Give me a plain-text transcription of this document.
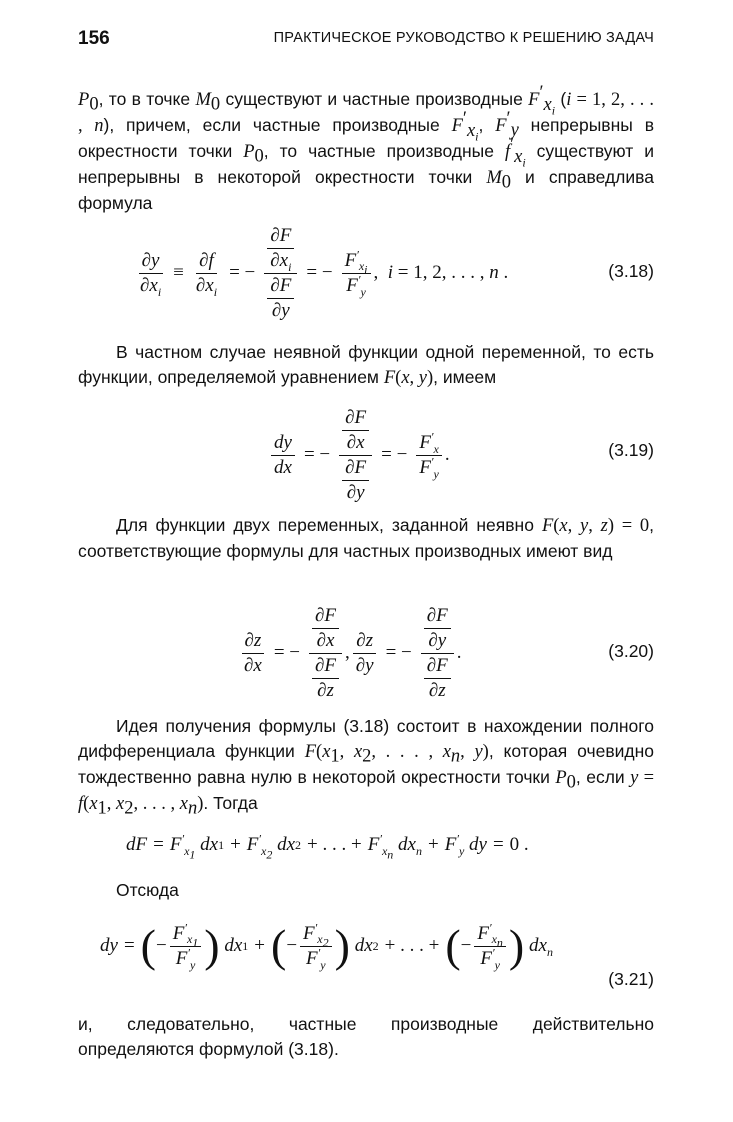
156	ПРАКТИЧЕСКОЕ РУКОВОДСТВО К РЕШЕНИЮ ЗАДАЧ

$P_0$, то в точке $M_0$ существуют и частные производные $F'_{x_i}$ (i = 1, 2, . . . , n), причем, если частные производные $F'_{x_i}$, $F'_y$ непрерывны в окрестности точки $P_0$, то частные производные $f'_{x_i}$ существуют и непрерывны в некоторой окрестности точки $M_0$ и справедлива формула

$\frac{\partial y}{\partial x_i} \equiv \frac{\partial f}{\partial x_i}$ = − $\frac{\frac{\partial F}{\partial x_i}}{\frac{\partial F}{\partial y}}$ = − $\frac{F'_{x_i}}{F'_y}$ ,  i = 1, 2, . . . , n .	(3.18)

В частном случае неявной функции одной переменной, то есть функции, определяемой уравнением F(x, y), имеем

$\frac{dy}{dx}$ = − $\frac{\frac{\partial F}{\partial x}}{\frac{\partial F}{\partial y}}$ = − $\frac{F'_x}{F'_y}$ .	(3.19)

Для функции двух переменных, заданной неявно F(x, y, z) = 0, соответствующие формулы для частных производных имеют вид

$\frac{\partial z}{\partial x}$ = − $\frac{\frac{\partial F}{\partial x}}{\frac{\partial F}{\partial z}}$ , $\frac{\partial z}{\partial y}$ = − $\frac{\frac{\partial F}{\partial y}}{\frac{\partial F}{\partial z}}$ .	(3.20)

Идея получения формулы (3.18) состоит в нахождении полного дифференциала функции $F(x_1$, $x_2$, . . . , $x_n$, y), которая очевидно тождественно равна нулю в некоторой окрестности точки $P_0$, если $y = f(x_1$, $x_2$, . . . , $x_n$). Тогда

dF = $F'_{x_1}$ dx $1 + F'_{x_2}$ dx 2 + . . . + $F'_{x_n}$ $dx_n + F'_y$ dy = 0 .

Отсюда

dy = ( − $\frac{F'_{x_1}}{F'_y}$ ) dx 1 + ( − $\frac{F'_{x_2}}{F'_y}$ ) dx 2 + . . . + ( − $\frac{F'_{x_n}}{F'_y}$ ) $dx_n$
(3.21)

и, следовательно, частные производные действительно определяются формулой (3.18).
